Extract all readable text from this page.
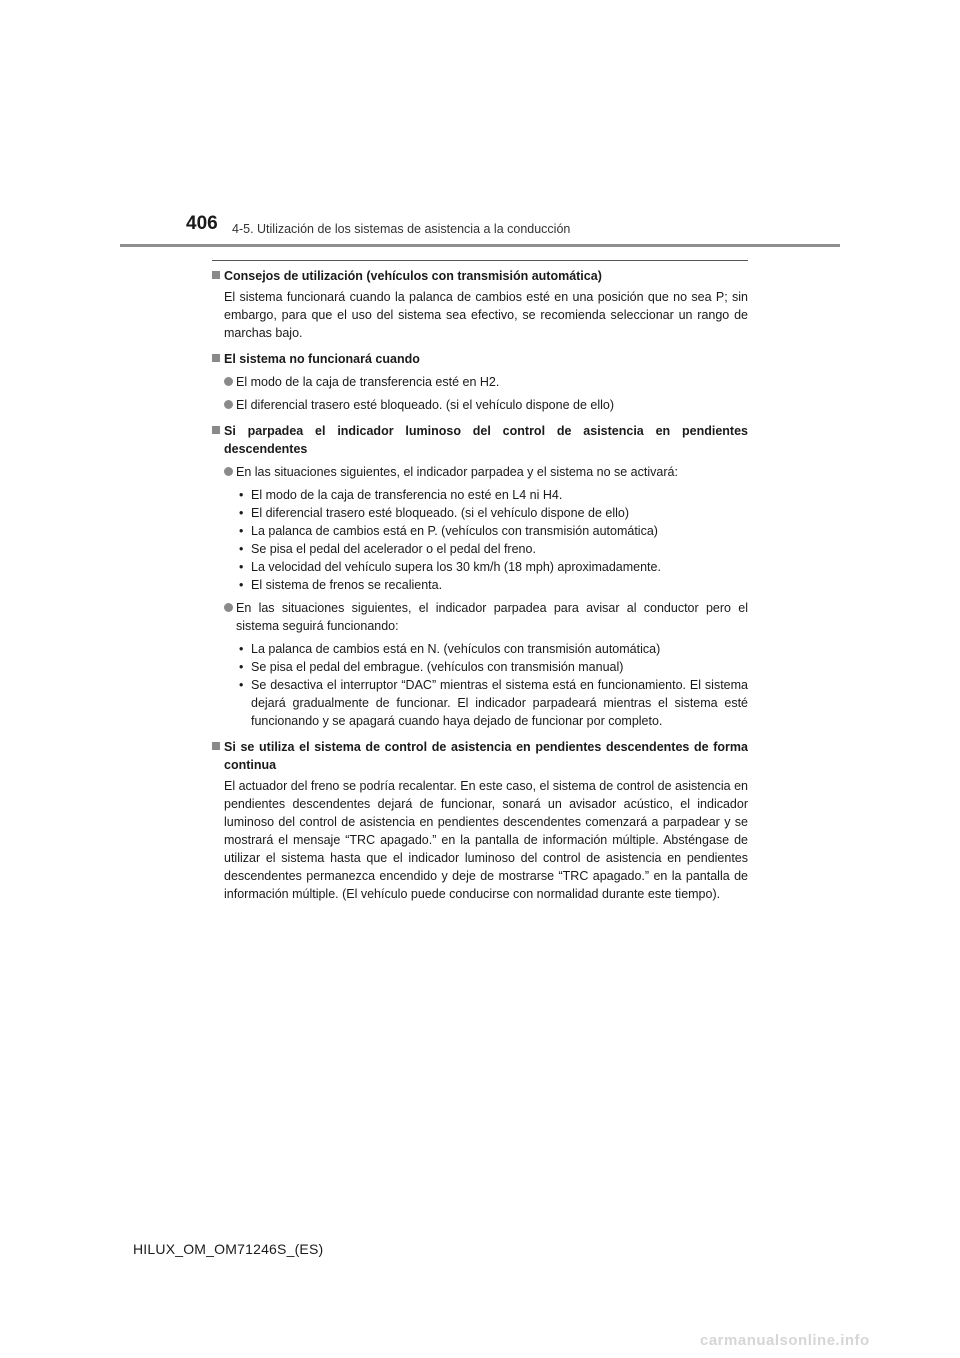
406 4-5. Utilización de los sistemas de asistencia a la conducción
Consejos de utilización (vehículos con transmisión automática)
El sistema funcionará cuando la palanca de cambios esté en una posición que no sea P; sin embargo, para que el uso del sistema sea efectivo, se recomienda seleccionar un rango de marchas bajo.
El sistema no funcionará cuando
El modo de la caja de transferencia esté en H2.
El diferencial trasero esté bloqueado. (si el vehículo dispone de ello)
Si parpadea el indicador luminoso del control de asistencia en pendientes descendentes
En las situaciones siguientes, el indicador parpadea y el sistema no se activará:
• El modo de la caja de transferencia no esté en L4 ni H4.
• El diferencial trasero esté bloqueado. (si el vehículo dispone de ello)
• La palanca de cambios está en P. (vehículos con transmisión automática)
• Se pisa el pedal del acelerador o el pedal del freno.
• La velocidad del vehículo supera los 30 km/h (18 mph) aproximadamente.
• El sistema de frenos se recalienta.
En las situaciones siguientes, el indicador parpadea para avisar al conductor pero el sistema seguirá funcionando:
• La palanca de cambios está en N. (vehículos con transmisión automática)
• Se pisa el pedal del embrague. (vehículos con transmisión manual)
• Se desactiva el interruptor “DAC” mientras el sistema está en funcionamiento. El sistema dejará gradualmente de funcionar. El indicador parpadeará mientras el sistema esté funcionando y se apagará cuando haya dejado de funcionar por completo.
Si se utiliza el sistema de control de asistencia en pendientes descendentes de forma continua
El actuador del freno se podría recalentar. En este caso, el sistema de control de asistencia en pendientes descendentes dejará de funcionar, sonará un avisador acústico, el indicador luminoso del control de asistencia en pendientes descendentes comenzará a parpadear y se mostrará el mensaje “TRC apagado.” en la pantalla de información múltiple. Absténgase de utilizar el sistema hasta que el indicador luminoso del control de asistencia en pendientes descendentes permanezca encendido y deje de mostrarse “TRC apagado.” en la pantalla de información múltiple. (El vehículo puede conducirse con normalidad durante este tiempo).
HILUX_OM_OM71246S_(ES)
carmanualsonline.info
